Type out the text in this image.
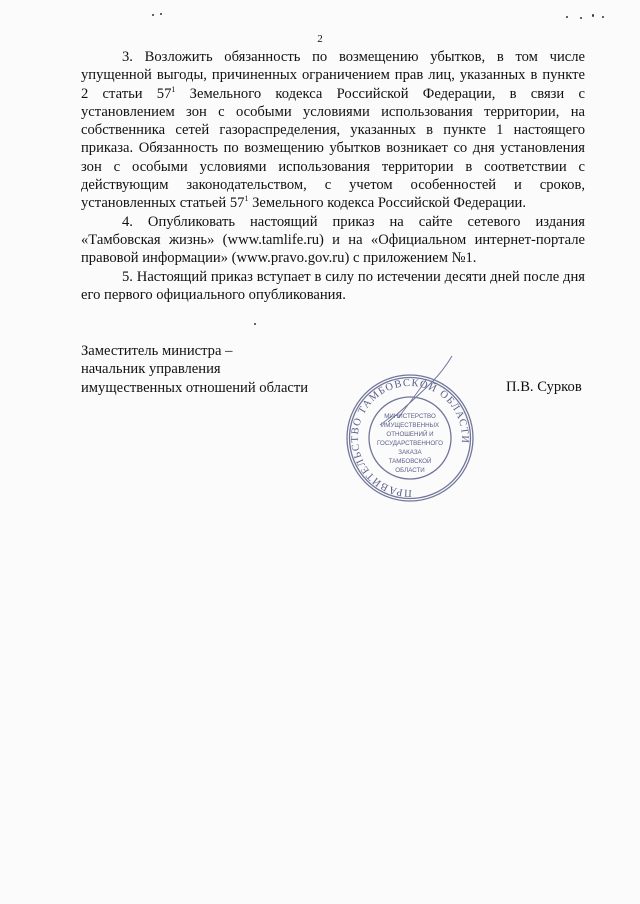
2

3. Возложить обязанность по возмещению убытков, в том числе упущенной выгоды, причиненных ограничением прав лиц, указанных в пункте 2 статьи $57^1$ Земельного кодекса Российской Федерации, в связи с установлением зон с особыми условиями использования территории, на собственника сетей газораспределения, указанных в пункте 1 настоящего приказа. Обязанность по возмещению убытков возникает со дня установления зон с особыми условиями использования территории в соответствии с действующим законодательством, с учетом особенностей и сроков, установленных статьей $57^1$ Земельного кодекса Российской Федерации.

4. Опубликовать настоящий приказ на сайте сетевого издания «Тамбовская жизнь» (www.tamlife.ru) и на «Официальном интернет-портале правовой информации» (www.pravo.gov.ru) с приложением №1.

5. Настоящий приказ вступает в силу по истечении десяти дней после дня его первого официального опубликования.

Заместитель министра –
начальник управления
имущественных отношений области	П.В. Сурков
ПРАВИТЕЛЬСТВО ТАМБОВСКОЙ ОБЛАСТИ
МИНИСТЕРСТВО
ИМУЩЕСТВЕННЫХ
ОТНОШЕНИЙ И
ГОСУДАРСТВЕННОГО
ЗАКАЗА
ТАМБОВСКОЙ
ОБЛАСТИ
